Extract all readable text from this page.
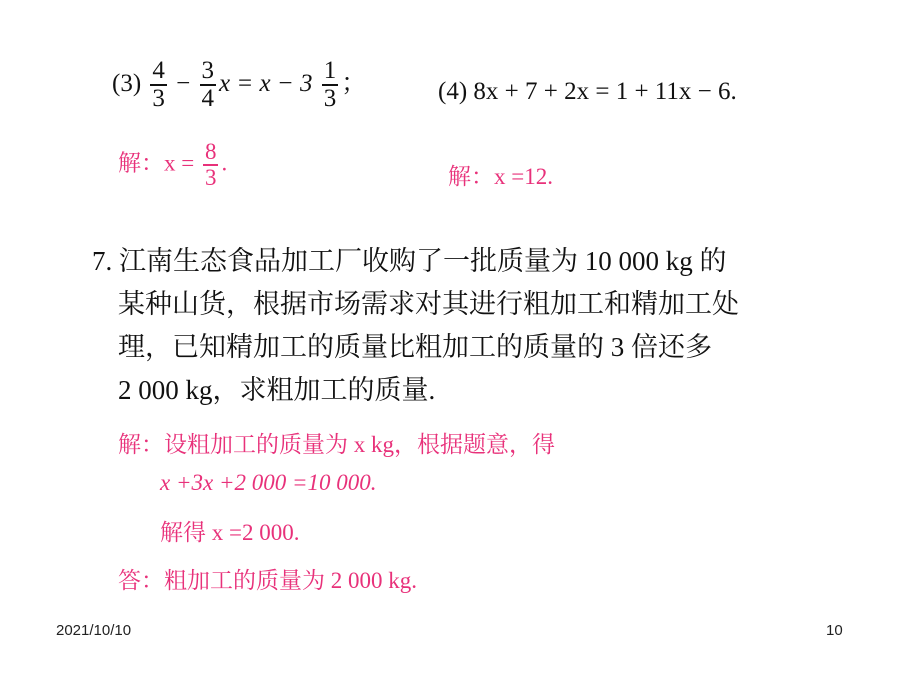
$(3) \frac{4}{3} - \frac{3}{4}$ $x = x - 3 \frac{1}{3}$ ；	(4) 8x + 7 + 2x = 1 + 11x − 6.
解：$x = \frac{8}{3}$ .
解：x =12.
7. 江南生态食品加工厂收购了一批质量为 10 000 kg 的
某种山货，根据市场需求对其进行粗加工和精加工处
理，已知精加工的质量比粗加工的质量的 3 倍还多
2 000 kg，求粗加工的质量.
解：设粗加工的质量为 x kg，根据题意，得
x +3x +2 000 =10 000.
解得 x =2 000.
答：粗加工的质量为 2 000 kg.
2021/10/10	10
